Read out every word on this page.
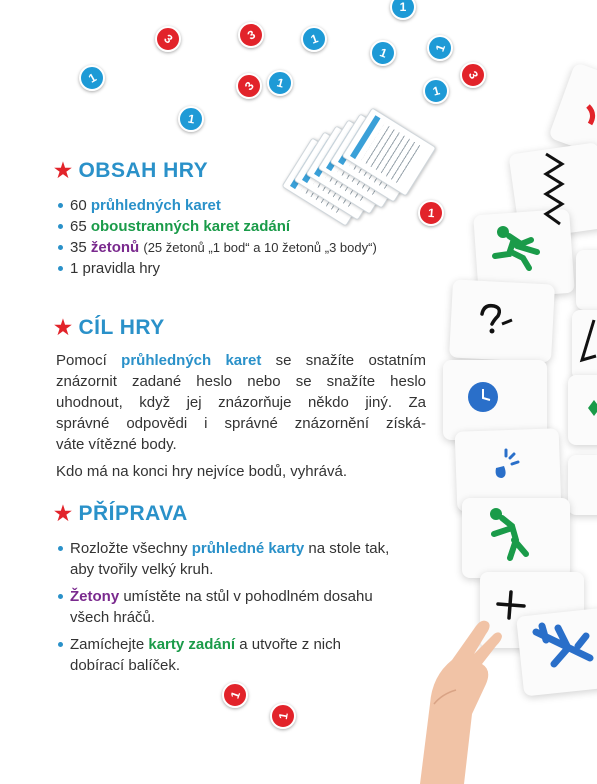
3	3	1
1
1	1
3
1
3 1
1
1
1
1
1
★ OBSAH HRY
60 průhledných karet
65 oboustranných karet zadání
35 žetonů (25 žetonů „1 bod“ a 10 žetonů „3 body“)
1 pravidla hry
★ CÍL HRY
Pomocí průhledných karet se snažíte ostatním
znázornit zadané heslo nebo se snažíte heslo
uhodnout, když jej znázorňuje někdo jiný. Za
správné odpovědi i správné znázornění získá-
váte vítězné body.
Kdo má na konci hry nejvíce bodů, vyhrává.
★ PŘÍPRAVA
Rozložte všechny průhledné karty na stole tak,
aby tvořily velký kruh.
Žetony umístěte na stůl v pohodlném dosahu
všech hráčů.
Zamíchejte karty zadání a utvořte z nich
dobírací balíček.
